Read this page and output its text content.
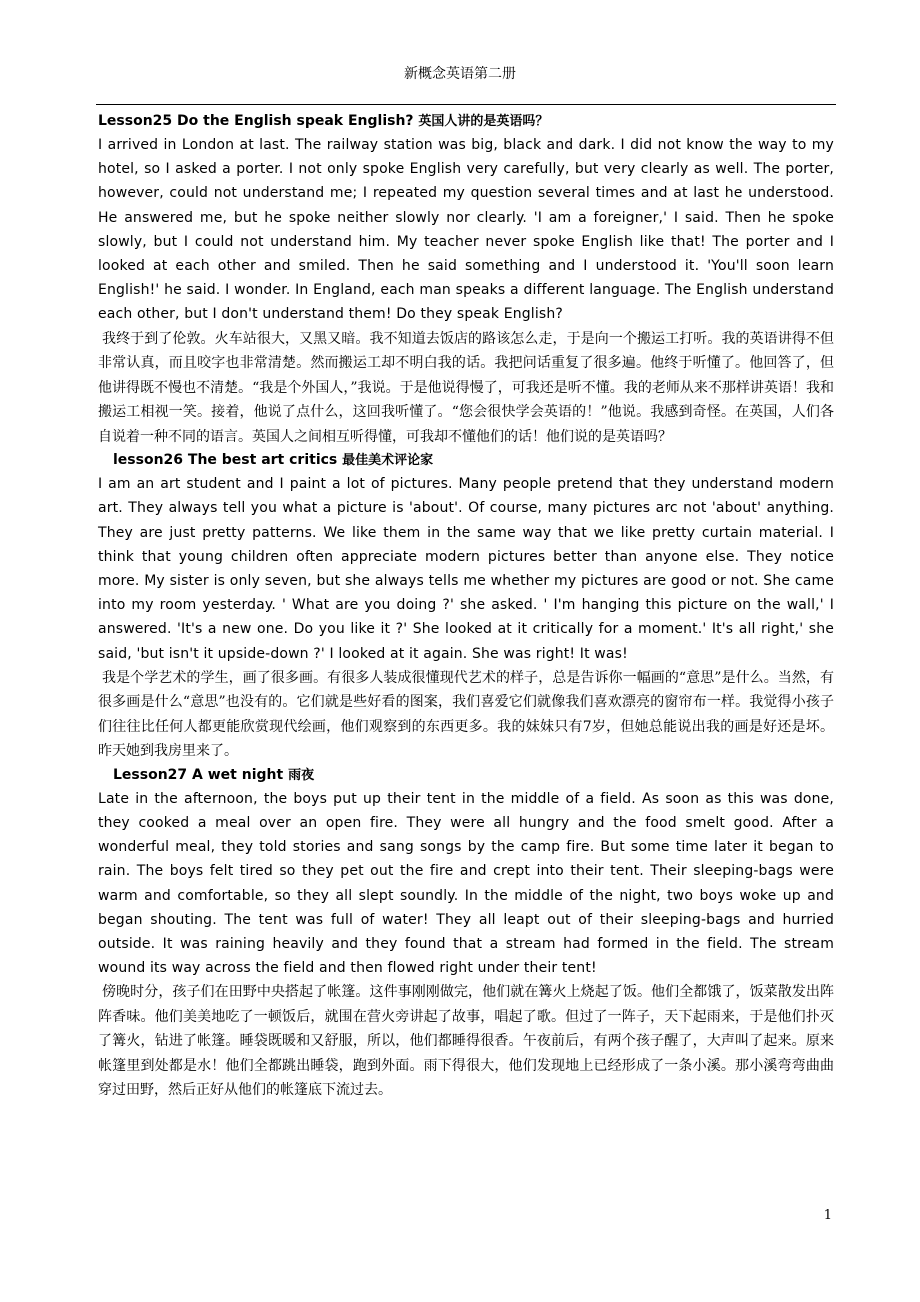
新概念英语第二册
Lesson25 Do the English speak English? 英国人讲的是英语吗？

I arrived in London at last. The railway station was big, black and dark. I did not know the way to my hotel, so I asked a porter. I not only spoke English very carefully, but very clearly as well. The porter, however, could not understand me; I repeated my question several times and at last he understood. He answered me, but he spoke neither slowly nor clearly. 'I am a foreigner,' I said. Then he spoke slowly, but I could not understand him. My teacher never spoke English like that! The porter and I looked at each other and smiled. Then he said something and I understood it. 'You'll soon learn English!' he said. I wonder. In England, each man speaks a different language. The English understand each other, but I don't understand them! Do they speak English?

我终于到了伦敦。火车站很大，又黑又暗。我不知道去饭店的路该怎么走，于是向一个搬运工打听。我的英语讲得不但非常认真，而且咬字也非常清楚。然而搬运工却不明白我的话。我把问话重复了很多遍。他终于听懂了。他回答了，但他讲得既不慢也不清楚。“我是个外国人，”我说。于是他说得慢了，可我还是听不懂。我的老师从来不那样讲英语！我和搬运工相视一笑。接着，他说了点什么，这回我听懂了。“您会很快学会英语的！”他说。我感到奇怪。在英国，人们各自说着一种不同的语言。英国人之间相互听得懂，可我却不懂他们的话！他们说的是英语吗？

lesson26 The best art critics 最佳美术评论家

I am an art student and I paint a lot of pictures. Many people pretend that they understand modern art. They always tell you what a picture is 'about'. Of course, many pictures arc not 'about' anything. They are just pretty patterns. We like them in the same way that we like pretty curtain material. I think that young children often appreciate modern pictures better than anyone else. They notice more. My sister is only seven, but she always tells me whether my pictures are good or not. She came into my room yesterday. ' What are you doing ?' she asked. ' I'm hanging this picture on the wall,' I answered. 'It's a new one. Do you like it ?' She looked at it critically for a moment.' It's all right,' she said, 'but isn't it upside-down ?' I looked at it again. She was right! It was!

我是个学艺术的学生，画了很多画。有很多人装成很懂现代艺术的样子，总是告诉你一幅画的“意思”是什么。当然，有很多画是什么“意思”也没有的。它们就是些好看的图案，我们喜爱它们就像我们喜欢漂亮的窗帘布一样。我觉得小孩子们往往比任何人都更能欣赏现代绘画，他们观察到的东西更多。我的妹妹只有7岁，但她总能说出我的画是好还是坏。昨天她到我房里来了。

Lesson27 A wet night 雨夜

Late in the afternoon, the boys put up their tent in the middle of a field. As soon as this was done, they cooked a meal over an open fire. They were all hungry and the food smelt good. After a wonderful meal, they told stories and sang songs by the camp fire. But some time later it began to rain. The boys felt tired so they pet out the fire and crept into their tent. Their sleeping-bags were warm and comfortable, so they all slept soundly. In the middle of the night, two boys woke up and began shouting. The tent was full of water! They all leapt out of their sleeping-bags and hurried outside. It was raining heavily and they found that a stream had formed in the field. The stream wound its way across the field and then flowed right under their tent!

傍晚时分，孩子们在田野中央搭起了帐篷。这件事刚刚做完，他们就在篝火上烧起了饭。他们全都饿了，饭菜散发出阵阵香味。他们美美地吃了一顿饭后，就围在营火旁讲起了故事，唱起了歌。但过了一阵子，天下起雨来，于是他们扑灭了篝火，钻进了帐篷。睡袋既暖和又舒服，所以，他们都睡得很香。午夜前后，有两个孩子醒了，大声叫了起来。原来帐篷里到处都是水！他们全都跳出睡袋，跑到外面。雨下得很大，他们发现地上已经形成了一条小溪。那小溪弯弯曲曲穿过田野，然后正好从他们的帐篷底下流过去。

1
